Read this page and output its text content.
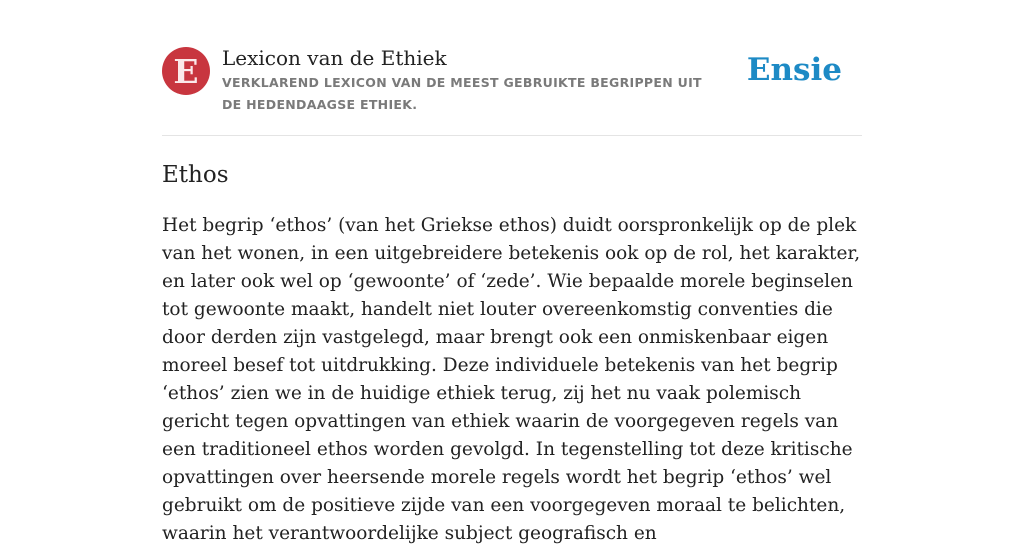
E Lexicon van de Ethiek
VERKLAREND LEXICON VAN DE MEEST GEBRUIKTE BEGRIPPEN UIT DE HEDENDAAGSE ETHIEK.
Ensie
Ethos

Het begrip ‘ethos’ (van het Griekse ethos) duidt oorspronkelijk op de plek van het wonen, in een uitgebreidere betekenis ook op de rol, het karakter, en later ook wel op ‘gewoonte’ of ‘zede’. Wie bepaalde morele beginselen tot gewoonte maakt, handelt niet louter overeenkomstig conventies die door derden zijn vastgelegd, maar brengt ook een onmiskenbaar eigen moreel besef tot uitdrukking. Deze individuele betekenis van het begrip ‘ethos’ zien we in de huidige ethiek terug, zij het nu vaak polemisch gericht tegen opvattingen van ethiek waarin de voorgegeven regels van een traditioneel ethos worden gevolgd. In tegenstelling tot deze kritische opvattingen over heersende morele regels wordt het begrip ‘ethos’ wel gebruikt om de positieve zijde van een voorgegeven moraal te belichten, waarin het verantwoordelijke subject geografisch en
